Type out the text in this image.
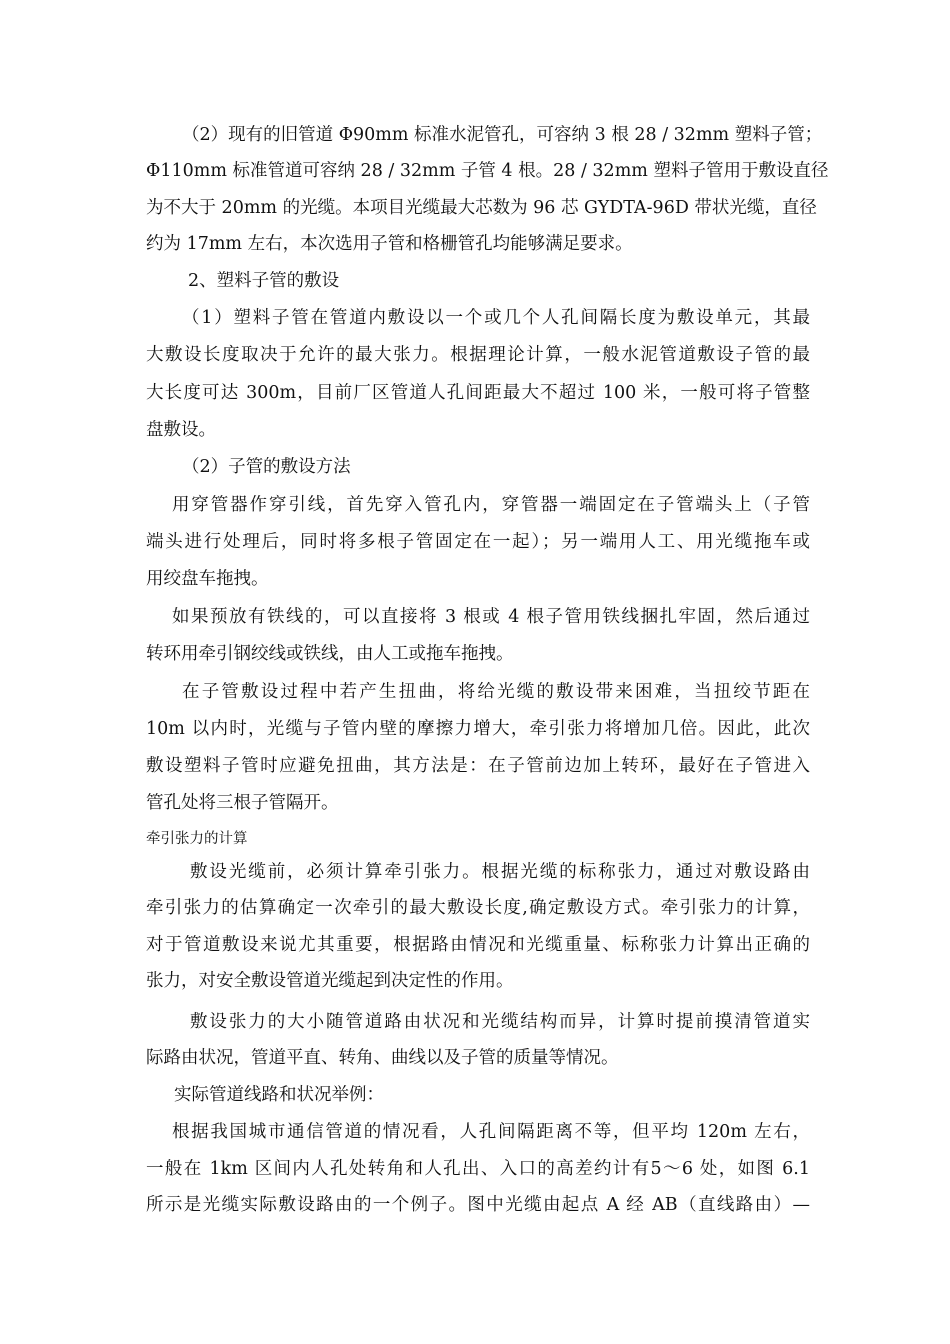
（2）现有的旧管道 Φ90mm 标准水泥管孔，可容纳 3 根 28 / 32mm 塑料子管；
Φ110mm 标准管道可容纳 28 / 32mm 子管 4 根。28 / 32mm 塑料子管用于敷设直径
为不大于 20mm 的光缆。本项目光缆最大芯数为 96 芯 GYDTA-96D 带状光缆，直径
约为 17mm 左右，本次选用子管和格栅管孔均能够满足要求。
2、塑料子管的敷设
（1）塑料子管在管道内敷设以一个或几个人孔间隔长度为敷设单元，其最
大敷设长度取决于允许的最大张力。根据理论计算，一般水泥管道敷设子管的最
大长度可达 300m，目前厂区管道人孔间距最大不超过 100 米，一般可将子管整
盘敷设。
（2）子管的敷设方法
用穿管器作穿引线，首先穿入管孔内，穿管器一端固定在子管端头上（子管
端头进行处理后，同时将多根子管固定在一起）；另一端用人工、用光缆拖车或
用绞盘车拖拽。
如果预放有铁线的，可以直接将 3 根或 4 根子管用铁线捆扎牢固，然后通过
转环用牵引钢绞线或铁线，由人工或拖车拖拽。
在子管敷设过程中若产生扭曲，将给光缆的敷设带来困难，当扭绞节距在
10m 以内时，光缆与子管内壁的摩擦力增大，牵引张力将增加几倍。因此，此次
敷设塑料子管时应避免扭曲，其方法是：在子管前边加上转环，最好在子管进入
管孔处将三根子管隔开。
牵引张力的计算
敷设光缆前，必须计算牵引张力。根据光缆的标称张力，通过对敷设路由
牵引张力的估算确定一次牵引的最大敷设长度,确定敷设方式。牵引张力的计算，
对于管道敷设来说尤其重要，根据路由情况和光缆重量、标称张力计算出正确的
张力，对安全敷设管道光缆起到决定性的作用。
敷设张力的大小随管道路由状况和光缆结构而异，计算时提前摸清管道实
际路由状况，管道平直、转角、曲线以及子管的质量等情况。
实际管道线路和状况举例：
根据我国城市通信管道的情况看，人孔间隔距离不等，但平均 120m 左右，
一般在 1km 区间内人孔处转角和人孔出、入口的高差约计有5～6 处，如图 6.1
所示是光缆实际敷设路由的一个例子。图中光缆由起点 A 经 AB（直线路由）—
